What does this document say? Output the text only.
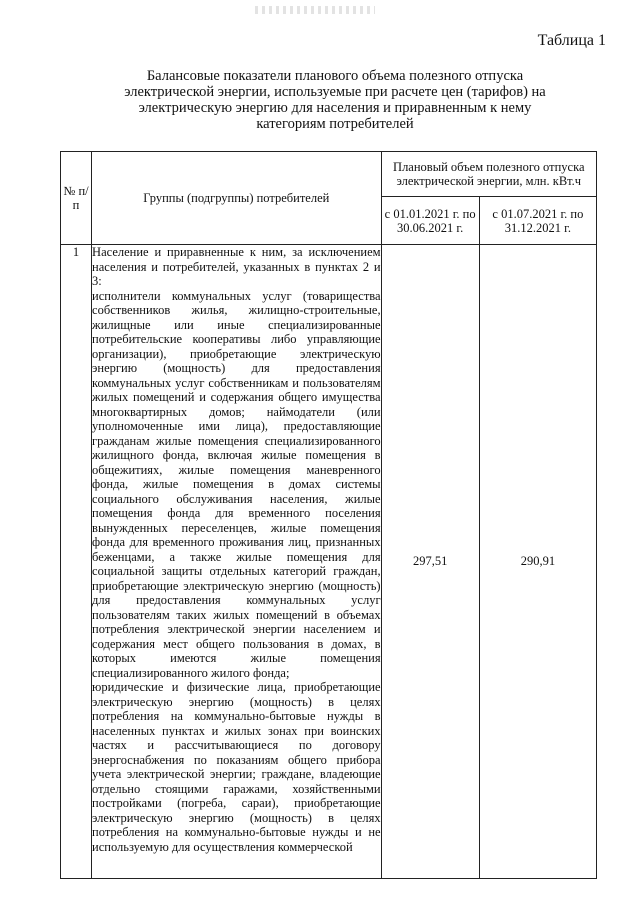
Таблица 1
Балансовые показатели планового объема полезного отпуска электрической энергии, используемые при расчете цен (тарифов) на электрическую энергию для населения и приравненным к нему категориям потребителей
№ п/п	Группы (подгруппы) потребителей	Плановый объем полезного отпуска электрической энергии, млн. кВт.ч	
		с 01.01.2021 г. по 30.06.2021 г.	с 01.07.2021 г. по 31.12.2021 г.
1	Население и приравненные к ним, за исключением населения и потребителей, указанных в пунктах 2 и 3:

исполнители коммунальных услуг (товарищества собственников жилья, жилищно-строительные, жилищные или иные специализированные потребительские кооперативы либо управляющие организации), приобретающие электрическую энергию (мощность) для предоставления коммунальных услуг собственникам и пользователям жилых помещений и содержания общего имущества многоквартирных домов; наймодатели (или уполномоченные ими лица), предоставляющие гражданам жилые помещения специализированного жилищного фонда, включая жилые помещения в общежитиях, жилые помещения маневренного фонда, жилые помещения в домах системы социального обслуживания населения, жилые помещения фонда для временного поселения вынужденных переселенцев, жилые помещения фонда для временного проживания лиц, признанных беженцами, а также жилые помещения для социальной защиты отдельных категорий граждан, приобретающие электрическую энергию (мощность) для предоставления коммунальных услуг пользователям таких жилых помещений в объемах потребления электрической энергии населением и содержания мест общего пользования в домах, в которых имеются жилые помещения специализированного жилого фонда;

юридические и физические лица, приобретающие электрическую энергию (мощность) в целях потребления на коммунально-бытовые нужды в населенных пунктах и жилых зонах при воинских частях и рассчитывающиеся по договору энергоснабжения по показаниям общего прибора учета электрической энергии; граждане, владеющие отдельно стоящими гаражами, хозяйственными постройками (погреба, сараи), приобретающие электрическую энергию (мощность) в целях потребления на коммунально-бытовые нужды и не используемую для осуществления коммерческой	297,51	290,91
